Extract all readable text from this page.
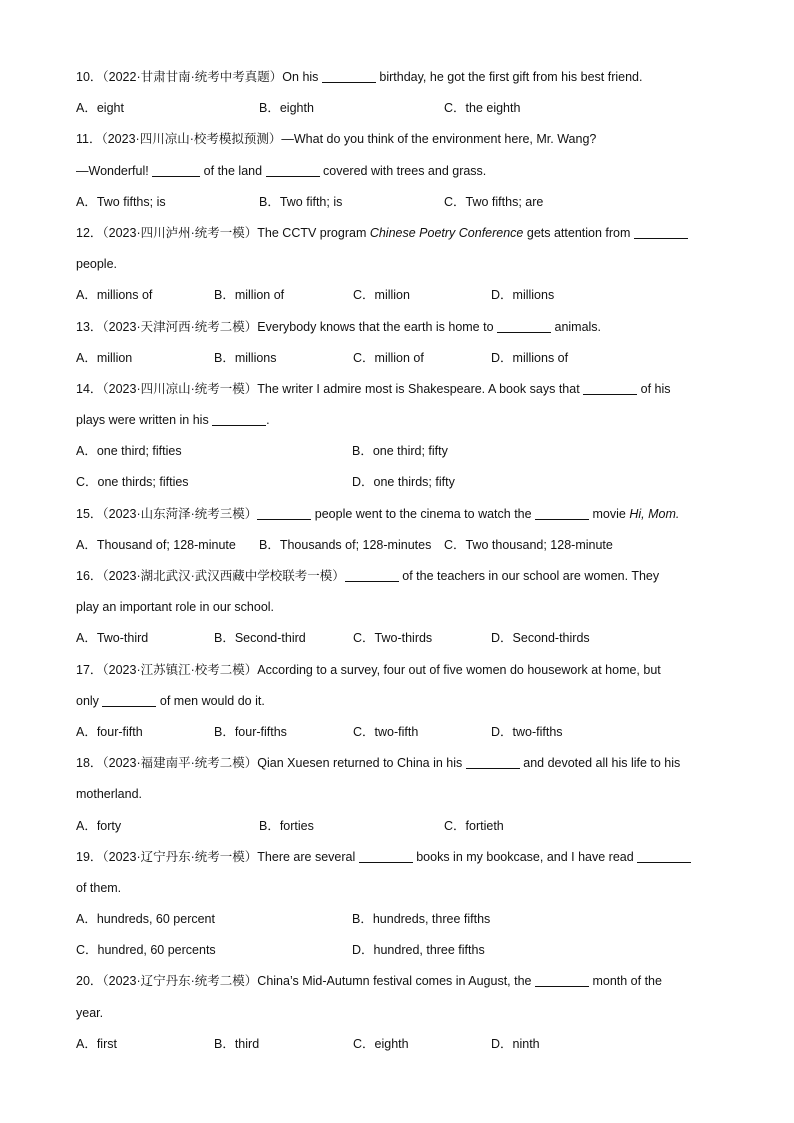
10．（2022·甘肃甘南·统考中考真题）On his	birthday, he got the first gift from his best friend.
A．eight	B．eighth	C．the eighth
11．（2023·四川凉山·校考模拟预测）—What do you think of the environment here, Mr. Wang?
—Wonderful!	of the land	covered with trees and grass.
A．Two fifths; is	B．Two fifth; is	C．Two fifths; are
12．（2023·四川泸州·统考一模）The CCTV program Chinese Poetry Conference gets attention from
people.
A．millions of	B．million of	C．million	D．millions
13．（2023·天津河西·统考二模）Everybody knows that the earth is home to	animals.
A．million	B．millions	C．million of	D．millions of
14．（2023·四川凉山·统考一模）The writer I admire most is Shakespeare. A book says that	of his
plays were written in his	.
A．one third; fifties	B．one third; fifty
C．one thirds; fifties	D．one thirds; fifty
15．（2023·山东菏泽·统考三模）	people went to the cinema to watch the	movie Hi, Mom.
A．Thousand of; 128-minute B．Thousands of; 128-minutes C．Two thousand; 128-minute
16．（2023·湖北武汉·武汉西藏中学校联考一模）	of the teachers in our school are women. They
play an important role in our school.
A．Two-third	B．Second-third	C．Two-thirds	D．Second-thirds
17．（2023·江苏镇江·校考二模）According to a survey, four out of five women do housework at home, but
only	of men would do it.
A．four-fifth	B．four-fifths	C．two-fifth	D．two-fifths
18．（2023·福建南平·统考二模）Qian Xuesen returned to China in his	and devoted all his life to his
motherland.
A．forty	B．forties	C．fortieth
19．（2023·辽宁丹东·统考一模）There are several	books in my bookcase, and I have read
of them.
A．hundreds, 60 percent	B．hundreds, three fifths
C．hundred, 60 percents	D．hundred, three fifths
20．（2023·辽宁丹东·统考二模）China’s Mid-Autumn festival comes in August, the	month of the
year.
A．first	B．third	C．eighth	D．ninth
